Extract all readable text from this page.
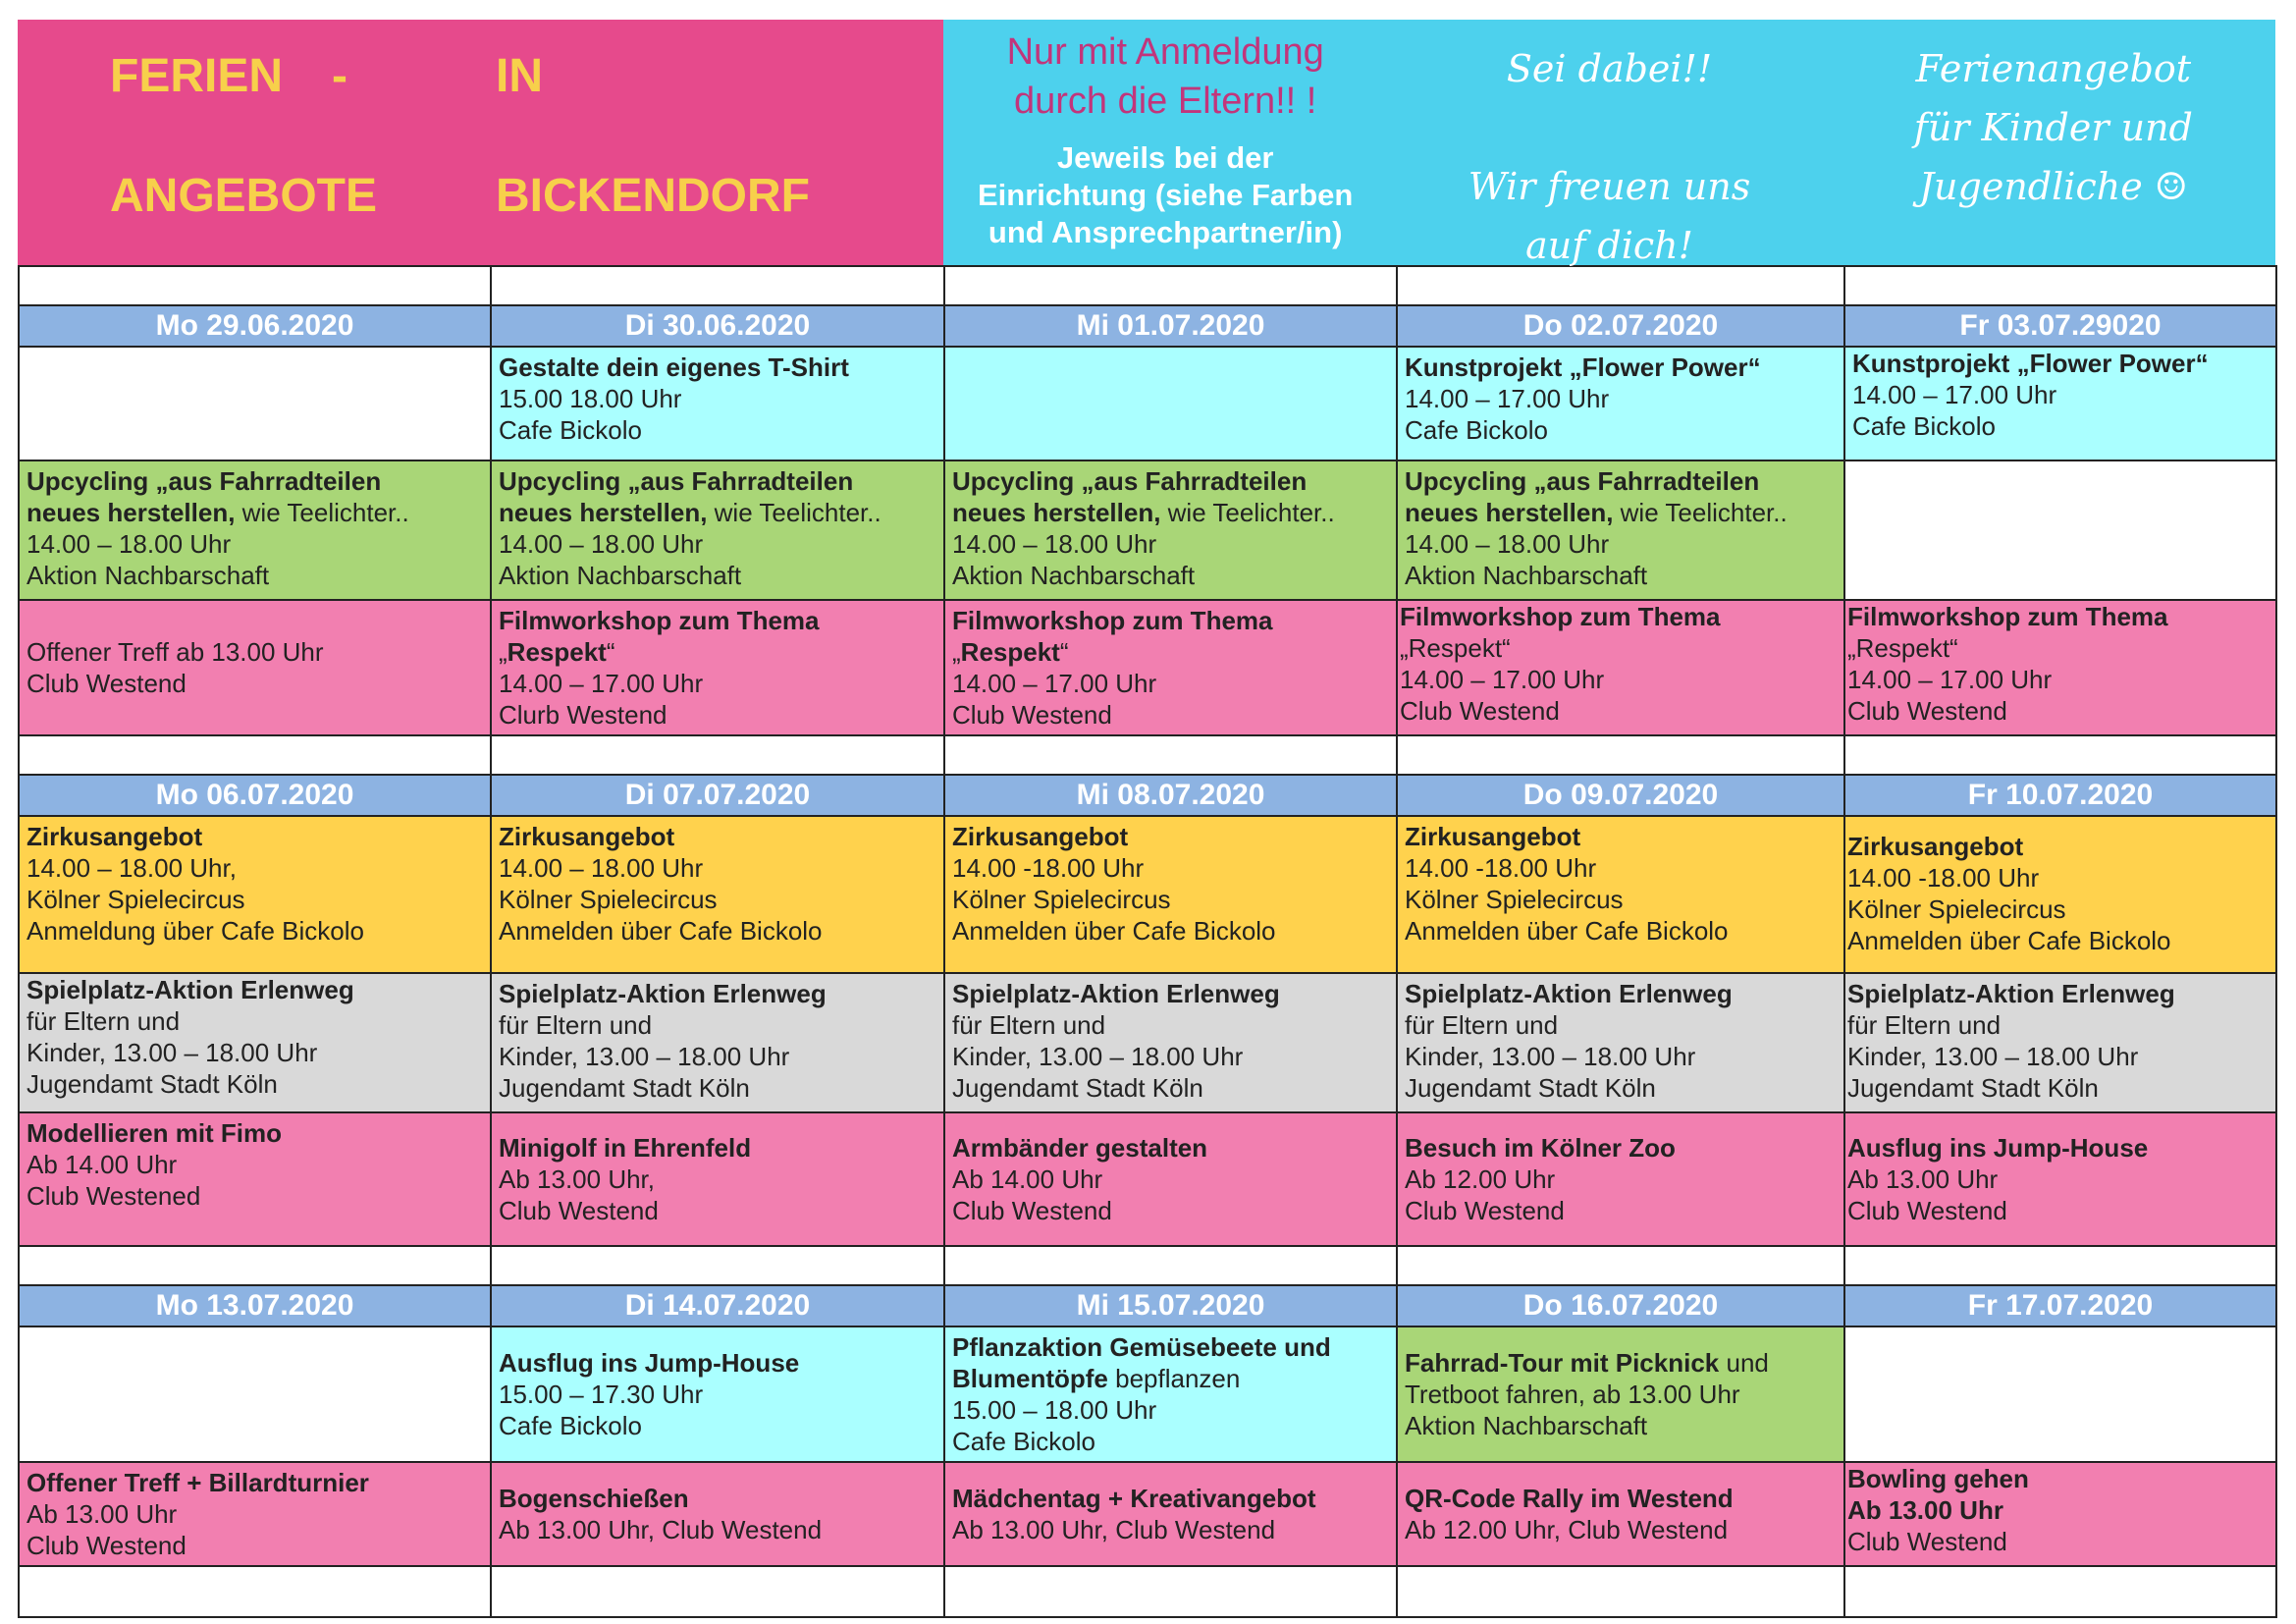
FERIEN -	IN
ANGEBOTE	BICKENDORF
Nur mit Anmeldung
durch die Eltern!! !
Jeweils bei der
Einrichtung (siehe Farben
und Ansprechpartner/in)
Sei dabei!!
Wir freuen uns
auf dich!
Ferienangebot
für Kinder und
Jugendliche ☺

Mo 29.06.2020	Di 30.06.2020	Mi 01.07.2020	Do 02.07.2020	Fr 03.07.29020

	Gestalte dein eigenes T-Shirt
15.00 18.00 Uhr
Cafe Bickolo		Kunstprojekt „Flower Power“
14.00 – 17.00 Uhr
Cafe Bickolo	Kunstprojekt „Flower Power“
14.00 – 17.00 Uhr
Cafe Bickolo

Upcycling „aus Fahrradteilen
neues herstellen, wie Teelichter..
14.00 – 18.00 Uhr
Aktion Nachbarschaft	Upcycling „aus Fahrradteilen
neues herstellen, wie Teelichter..
14.00 – 18.00 Uhr
Aktion Nachbarschaft	Upcycling „aus Fahrradteilen
neues herstellen, wie Teelichter..
14.00 – 18.00 Uhr
Aktion Nachbarschaft	Upcycling „aus Fahrradteilen
neues herstellen, wie Teelichter..
14.00 – 18.00 Uhr
Aktion Nachbarschaft	

Offener Treff ab 13.00 Uhr
Club Westend	Filmworkshop zum Thema
„Respekt“
14.00 – 17.00 Uhr
Clurb Westend	Filmworkshop zum Thema
„Respekt“
14.00 – 17.00 Uhr
Club Westend	Filmworkshop zum Thema
„Respekt“
14.00 – 17.00 Uhr
Club Westend	Filmworkshop zum Thema
„Respekt“
14.00 – 17.00 Uhr
Club Westend

Mo 06.07.2020	Di 07.07.2020	Mi 08.07.2020	Do 09.07.2020	Fr 10.07.2020

Zirkusangebot
14.00 – 18.00 Uhr,
Kölner Spielecircus
Anmeldung über Cafe Bickolo	Zirkusangebot
14.00 – 18.00 Uhr
Kölner Spielecircus
Anmelden über Cafe Bickolo	Zirkusangebot
14.00 -18.00 Uhr
Kölner Spielecircus
Anmelden über Cafe Bickolo	Zirkusangebot
14.00 -18.00 Uhr
Kölner Spielecircus
Anmelden über Cafe Bickolo	Zirkusangebot
14.00 -18.00 Uhr
Kölner Spielecircus
Anmelden über Cafe Bickolo

Spielplatz-Aktion Erlenweg
für Eltern und
Kinder, 13.00 – 18.00 Uhr
Jugendamt Stadt Köln	Spielplatz-Aktion Erlenweg
für Eltern und
Kinder, 13.00 – 18.00 Uhr
Jugendamt Stadt Köln	Spielplatz-Aktion Erlenweg
für Eltern und
Kinder, 13.00 – 18.00 Uhr
Jugendamt Stadt Köln	Spielplatz-Aktion Erlenweg
für Eltern und
Kinder, 13.00 – 18.00 Uhr
Jugendamt Stadt Köln	Spielplatz-Aktion Erlenweg
für Eltern und
Kinder, 13.00 – 18.00 Uhr
Jugendamt Stadt Köln

Modellieren mit Fimo
Ab 14.00 Uhr
Club Westened	Minigolf in Ehrenfeld
Ab 13.00 Uhr,
Club Westend	Armbänder gestalten
Ab 14.00 Uhr
Club Westend	Besuch im Kölner Zoo
Ab 12.00 Uhr
Club Westend	Ausflug ins Jump-House
Ab 13.00 Uhr
Club Westend

Mo 13.07.2020	Di 14.07.2020	Mi 15.07.2020	Do 16.07.2020	Fr 17.07.2020

	Ausflug ins Jump-House
15.00 – 17.30 Uhr
Cafe Bickolo	Pflanzaktion Gemüsebeete und
Blumentöpfe bepflanzen
15.00 – 18.00 Uhr
Cafe Bickolo	Fahrrad-Tour mit Picknick und
Tretboot fahren, ab 13.00 Uhr
Aktion Nachbarschaft	

Offener Treff + Billardturnier
Ab 13.00 Uhr
Club Westend	Bogenschießen
Ab 13.00 Uhr, Club Westend	Mädchentag + Kreativangebot
Ab 13.00 Uhr, Club Westend	QR-Code Rally im Westend
Ab 12.00 Uhr, Club Westend	Bowling gehen
Ab 13.00 Uhr
Club Westend
